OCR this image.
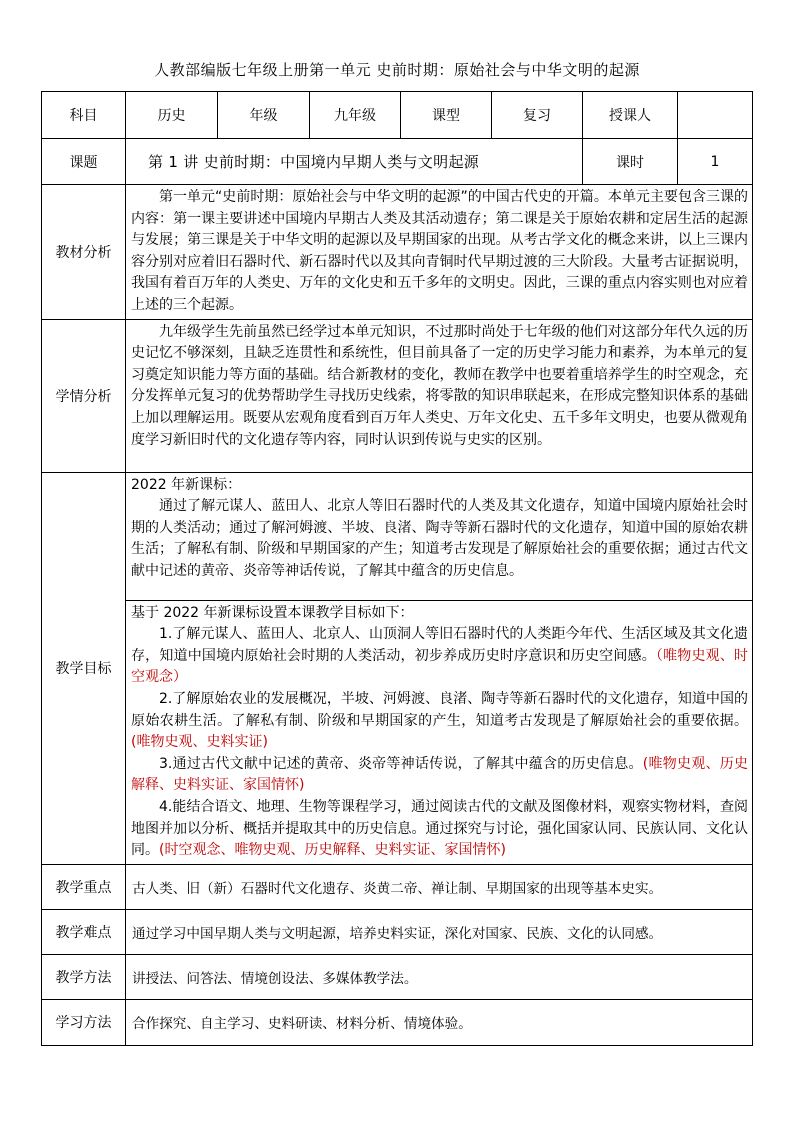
人教部编版七年级上册第一单元 史前时期：原始社会与中华文明的起源
科目	历史	年级	九年级	课型	复习	授课人	
课题	第 1 讲 史前时期：中国境内早期人类与文明起源					课时	1
教材分析	第一单元“史前时期：原始社会与中华文明的起源”的中国古代史的开篇。本单元主要包含三课的内容：第一课主要讲述中国境内早期古人类及其活动遗存；第二课是关于原始农耕和定居生活的起源与发展；第三课是关于中华文明的起源以及早期国家的出现。从考古学文化的概念来讲，以上三课内容分别对应着旧石器时代、新石器时代以及其向青铜时代早期过渡的三大阶段。大量考古证据说明，我国有着百万年的人类史、万年的文化史和五千多年的文明史。因此，三课的重点内容实则也对应着上述的三个起源。						

学情分析	九年级学生先前虽然已经学过本单元知识，不过那时尚处于七年级的他们对这部分年代久远的历史记忆不够深刻，且缺乏连贯性和系统性，但目前具备了一定的历史学习能力和素养，为本单元的复习奠定知识能力等方面的基础。结合新教材的变化，教师在教学中也要着重培养学生的时空观念，充分发挥单元复习的优势帮助学生寻找历史线索，将零散的知识串联起来，在形成完整知识体系的基础上加以理解运用。既要从宏观角度看到百万年人类史、万年文化史、五千多年文明史，也要从微观角度学习新旧时代的文化遗存等内容，同时认识到传说与史实的区别。						

教学目标	2022 年新课标：

通过了解元谋人、蓝田人、北京人等旧石器时代的人类及其文化遗存，知道中国境内原始社会时期的人类活动；通过了解河姆渡、半坡、良渚、陶寺等新石器时代的文化遗存，知道中国的原始农耕生活；了解私有制、阶级和早期国家的产生；知道考古发现是了解原始社会的重要依据；通过古代文献中记述的黄帝、炎帝等神话传说，了解其中蕴含的历史信息。						

	基于 2022 年新课标设置本课教学目标如下：

1.了解元谋人、蓝田人、北京人、山顶洞人等旧石器时代的人类距今年代、生活区域及其文化遗存，知道中国境内原始社会时期的人类活动，初步养成历史时序意识和历史空间感。（唯物史观、时空观念）

2.了解原始农业的发展概况，半坡、河姆渡、良渚、陶寺等新石器时代的文化遗存，知道中国的原始农耕生活。了解私有制、阶级和早期国家的产生，知道考古发现是了解原始社会的重要依据。(唯物史观、史料实证)

3.通过古代文献中记述的黄帝、炎帝等神话传说，了解其中蕴含的历史信息。(唯物史观、历史解释、史料实证、家国情怀)

4.能结合语文、地理、生物等课程学习，通过阅读古代的文献及图像材料，观察实物材料，查阅地图并加以分析、概括并提取其中的历史信息。通过探究与讨论，强化国家认同、民族认同、文化认同。(时空观念、唯物史观、历史解释、史料实证、家国情怀)						

教学重点	古人类、旧（新）石器时代文化遗存、炎黄二帝、禅让制、早期国家的出现等基本史实。						
教学难点	通过学习中国早期人类与文明起源，培养史料实证，深化对国家、民族、文化的认同感。						
教学方法	讲授法、问答法、情境创设法、多媒体教学法。						
学习方法	合作探究、自主学习、史料研读、材料分析、情境体验。						
